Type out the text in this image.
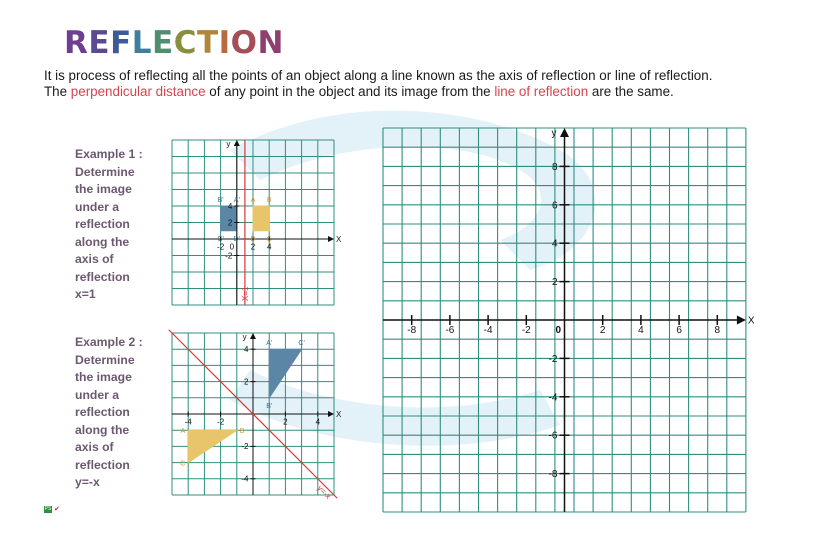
REFLECTION

It is process of reflecting all the points of an object along a line known as the axis of reflection or line of reflection.

The perpendicular distance of any point in the object and its image from the line of reflection are the same.

Example 1 :
Determine
the image
under a
reflection
along the
axis of
reflection
x=1
Example 2 :
Determine
the image
under a
reflection
along the
axis of
reflection
y=-x
X
y
0
-2	2 4
4
2
-2
A B
C
D
B' A'
C' D'
X=1
X
y
-4	-2	2	4
4
2
-2
-4
A	B
C
A'	C'
B'
y=-x
X
y
0
-8	-6	-4	-2	2	4	6	8
8
6
4
2
-2
-4
-6
-8
PS ✔
